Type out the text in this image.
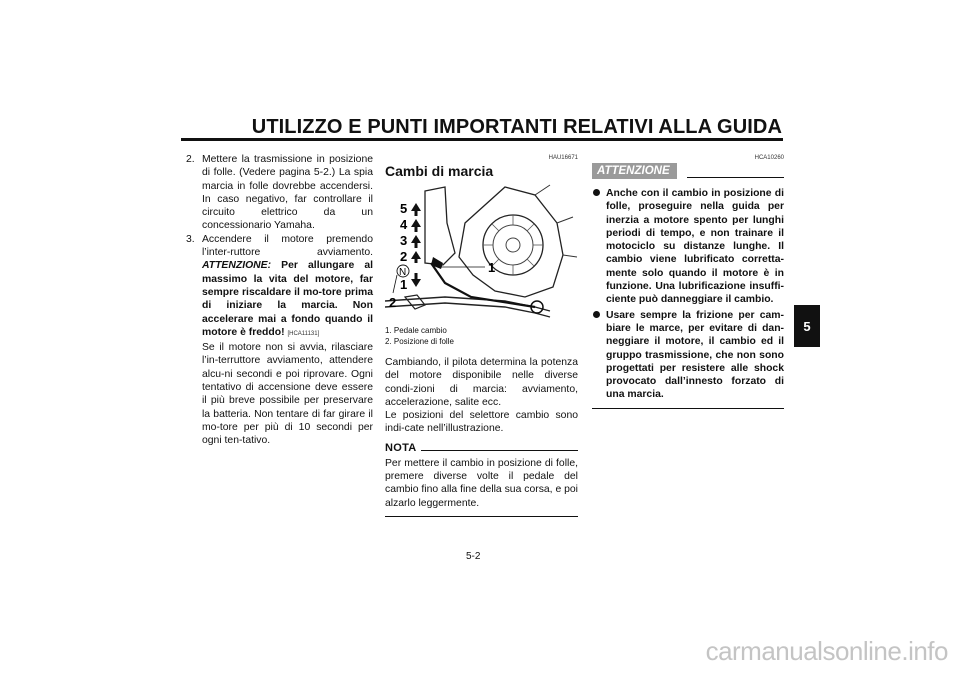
UTILIZZO E PUNTI IMPORTANTI RELATIVI ALLA GUIDA
5

2. Mettere la trasmissione in posizione di folle. (Vedere pagina 5-2.) La spia marcia in folle dovrebbe accendersi. In caso negativo, far controllare il circuito elettrico da un concessionario Yamaha.

3. Accendere il motore premendo l’inter-ruttore avviamento. ATTENZIONE: Per allungare al massimo la vita del motore, far sempre riscaldare il mo-tore prima di iniziare la marcia. Non accelerare mai a fondo quando il motore è freddo! [HCA11131]
Se il motore non si avvia, rilasciare l’in-terruttore avviamento, attendere alcu-ni secondi e poi riprovare. Ogni tentativo di accensione deve essere il più breve possibile per preservare la batteria. Non tentare di far girare il mo-tore per più di 10 secondi per ogni ten-tativo.

HAU16671
Cambi di marcia
5
4
3
2
N
1
1
2
1. Pedale cambio
2. Posizione di folle

Cambiando, il pilota determina la potenza del motore disponibile nelle diverse condi-zioni di marcia: avviamento, accelerazione, salite ecc.

Le posizioni del selettore cambio sono indi-cate nell’illustrazione.

NOTA

Per mettere il cambio in posizione di folle, premere diverse volte il pedale del cambio fino alla fine della sua corsa, e poi alzarlo leggermente.

HCA10260
ATTENZIONE
Anche con il cambio in posizione di folle, proseguire nella guida per inerzia a motore spento per lunghi periodi di tempo, e non trainare il motociclo su distanze lunghe. Il cambio viene lubrificato corretta-mente solo quando il motore è in funzione. Una lubrificazione insuffi-ciente può danneggiare il cambio.
Usare sempre la frizione per cam-biare le marce, per evitare di dan-neggiare il motore, il cambio ed il gruppo trasmissione, che non sono progettati per resistere alle shock provocato dall’innesto forzato di una marcia.
5-2
carmanualsonline.info
